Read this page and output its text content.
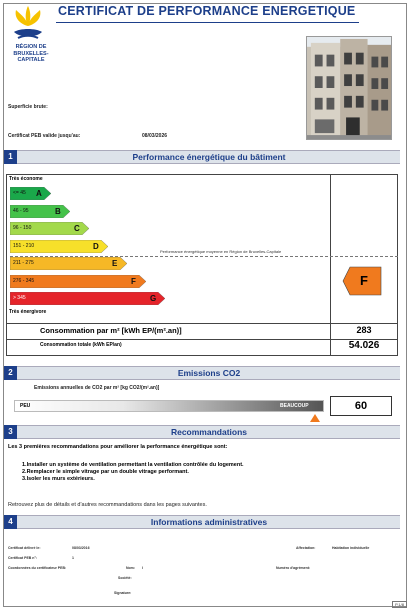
RÉGION DE
BRUXELLES-
CAPITALE
CERTIFICAT DE PERFORMANCE ENERGETIQUE
Superficie brute:
Certificat PEB valide jusqu'au:	08/03/2026
1	Performance énergétique du bâtiment
Très économe
<= 45 A
46 - 95	B
96 - 150	C
151 - 210	D
211 - 275	E
276 - 345	F
> 345	G
Performance énergétique moyenne en Région de Bruxelles-Capitale
F
Très énergivore
Consommation par m² [kWh EP/(m².an)]	283
Consommation totale (kWh EP/an)	54.026
2	Emissions CO2
Emissions annuelles de CO2 par m² [kg CO2/(m².an)]
PEU	BEAUCOUP	60
3	Recommandations
Les 3 premières recommandations pour améliorer la performance énergétique sont:
1.Installer un système de ventilation permettant la ventilation contrôlée du logement.
2.Remplacer le simple vitrage par un double vitrage performant.
3.Isoler les murs extérieurs.
Retrouvez plus de détails et d'autres recommandations dans les pages suivantes.
4	Informations administratives
Certificat délivré le:	08/03/2016
Certificat PEB n°:	1
Coordonnées du certificateur PEB:	Nom: I
Société:
Signature:
Affectation:	Habitation individuelle
Numéro d'agrément:
P.1/8
